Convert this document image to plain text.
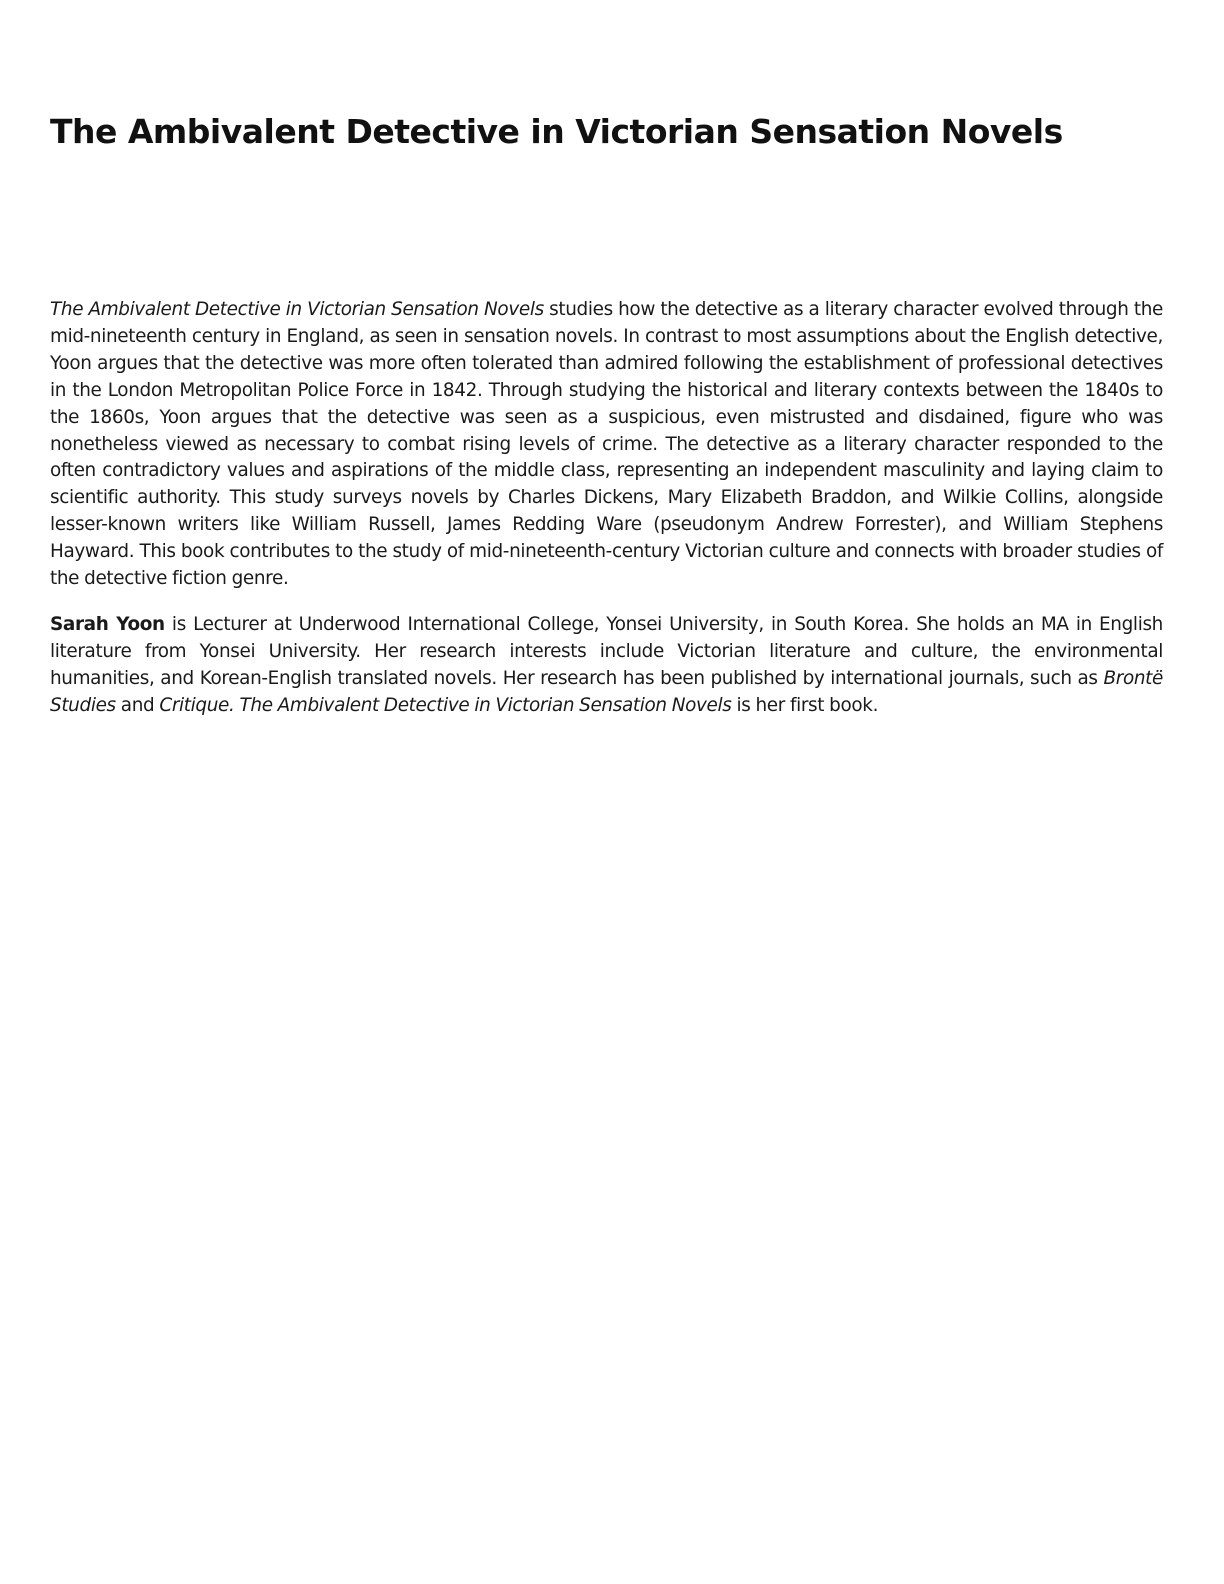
The Ambivalent Detective in Victorian Sensation Novels

The Ambivalent Detective in Victorian Sensation Novels studies how the detective as a literary character evolved through the mid-nineteenth century in England, as seen in sensation novels. In contrast to most assumptions about the English detective, Yoon argues that the detective was more often tolerated than admired following the establishment of professional detectives in the London Metropolitan Police Force in 1842. Through studying the historical and literary contexts between the 1840s to the 1860s, Yoon argues that the detective was seen as a suspicious, even mistrusted and disdained, figure who was nonetheless viewed as necessary to combat rising levels of crime. The detective as a literary character responded to the often contradictory values and aspirations of the middle class, representing an independent masculinity and laying claim to scientific authority. This study surveys novels by Charles Dickens, Mary Elizabeth Braddon, and Wilkie Collins, alongside lesser-known writers like William Russell, James Redding Ware (pseudonym Andrew Forrester), and William Stephens Hayward. This book contributes to the study of mid-nineteenth-century Victorian culture and connects with broader studies of the detective fiction genre.

Sarah Yoon is Lecturer at Underwood International College, Yonsei University, in South Korea. She holds an MA in English literature from Yonsei University. Her research interests include Victorian literature and culture, the environmental humanities, and Korean-English translated novels. Her research has been published by international journals, such as Brontë Studies and Critique. The Ambivalent Detective in Victorian Sensation Novels is her first book.
